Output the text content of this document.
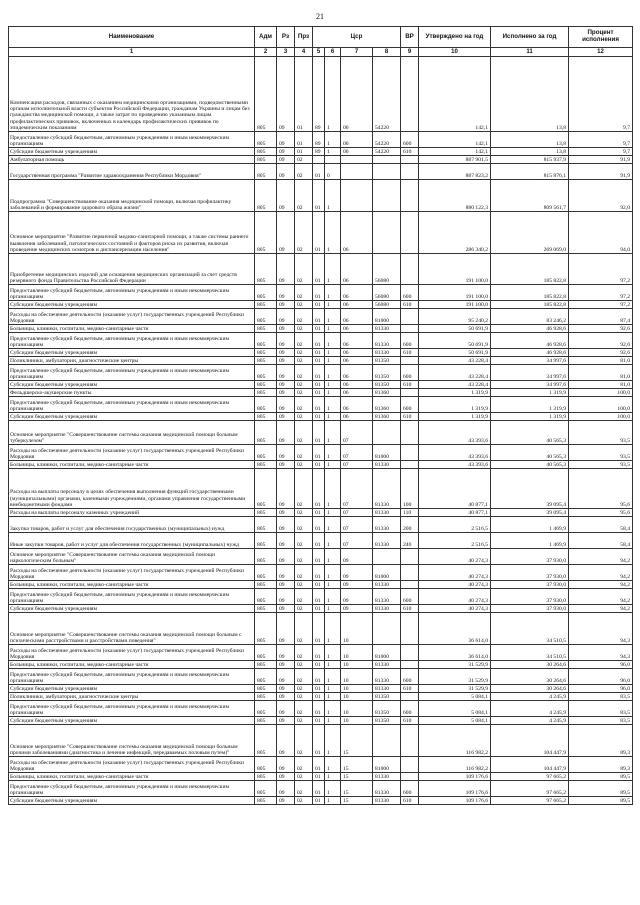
21
Наименование	Адм	Рз	Прз	Цср				ВР	Утверждено на год	Исполнено за год	Процент исполнения
1	2	3	4	5	6	7	8	9	10	11	12
Компенсация расходов, связанных с оказанием медицинскими организациями, подведомственными органам исполнительной власти субъектов Российской Федерации, гражданам Украины и лицам без гражданства медицинской помощи, а также затрат по проведению указанным лицам профилактических прививок, включенных в календарь профилактических прививок по эпидемическим показаниям	805	09	01	89	1	00	54220		142,1	13,8	9,7
Предоставление субсидий бюджетным, автономным учреждениям и иным некоммерческим организациям	805	09	01	89	1	00	54220	600	142,1	13,8	9,7
Субсидии бюджетным учреждениям	805	09	01	89	1	00	54220	610	142,1	13,8	9,7
Амбулаторная помощь	805	09	02						887 901,5	815 937,9	91,9
Государственная программа "Развитие здравоохранения Республики Мордовия"	805	09	02	01	0				887 823,2	815 876,1	91,9
Подпрограмма "Совершенствование оказания медицинской помощи, включая профилактику заболеваний и формирование здорового образа жизни"	805	09	02	01	1				880 122,3	809 561,7	92,0
Основное мероприятие "Развитие первичной медико-санитарной помощи, а также системы раннего выявления заболеваний, патологических состояний и факторов риска их развития, включая проведение медицинских осмотров и диспансеризации населения"	805	09	02	01	1	06			286 340,2	269 069,0	94,0
Приобретение медицинских изделий для оснащения медицинских организаций за счет средств резервного фонда Правительства Российской Федерации	805	09	02	01	1	06	56080		191 100,0	185 822,8	97,2
Предоставление субсидий бюджетным, автономным учреждениям и иным некоммерческим организациям	805	09	02	01	1	06	56080	600	191 100,0	185 822,8	97,2
Субсидии бюджетным учреждениям	805	09	02	01	1	06	56080	610	191 100,0	185 822,8	97,2
Расходы на обеспечение деятельности (оказание услуг) государственных учреждений Республики Мордовия	805	09	02	01	1	06	81000		95 240,2	83 246,2	87,4
Больницы, клиники, госпитали, медико-санитарные части	805	09	02	01	1	06	81330		50 691,9	46 928,6	92,6
Предоставление субсидий бюджетным, автономным учреждениям и иным некоммерческим организациям	805	09	02	01	1	06	81330	600	50 691,9	46 928,6	92,6
Субсидии бюджетным учреждениям	805	09	02	01	1	06	81330	610	50 691,9	46 928,6	92,6
Поликлиники, амбулатории, диагностические центры	805	09	02	01	1	06	81350		43 228,4	34 997,6	81,0
Предоставление субсидий бюджетным, автономным учреждениям и иным некоммерческим организациям	805	09	02	01	1	06	81350	600	43 228,4	34 997,6	81,0
Субсидии бюджетным учреждениям	805	09	02	01	1	06	81350	610	43 228,4	34 997,6	81,0
Фельдшерско-акушерские пункты	805	09	02	01	1	06	81360		1 319,9	1 319,9	100,0
Предоставление субсидий бюджетным, автономным учреждениям и иным некоммерческим организациям	805	09	02	01	1	06	81360	600	1 319,9	1 319,9	100,0
Субсидии бюджетным учреждениям	805	09	02	01	1	06	81360	610	1 319,9	1 319,9	100,0
Основное мероприятие "Совершенствование системы оказания медицинской помощи больным туберкулезом"	805	09	02	01	1	07			43 393,6	40 565,3	93,5
Расходы на обеспечение деятельности (оказание услуг) государственных учреждений Республики Мордовия	805	09	02	01	1	07	81000		43 393,6	40 565,3	93,5
Больницы, клиники, госпитали, медико-санитарные части	805	09	02	01	1	07	81330		43 393,6	40 565,3	93,5
Расходы на выплаты персоналу в целях обеспечения выполнения функций государственными (муниципальными) органами, казенными учреждениями, органами управления государственными внебюджетными фондами	805	09	02	01	1	07	81330	100	40 877,1	39 095,4	95,6
Расходы на выплаты персоналу казенных учреждений	805	09	02	01	1	07	81330	110	40 877,1	39 095,4	95,6
Закупка товаров, работ и услуг для обеспечения государственных (муниципальных) нужд	805	09	02	01	1	07	81330	200	2 516,5	1 469,9	58,4
Иные закупки товаров, работ и услуг для обеспечения государственных (муниципальных) нужд	805	09	02	01	1	07	81330	240	2 516,5	1 469,9	58,4
Основное мероприятие "Совершенствование системы оказания медицинской помощи наркологическим больным"	805	09	02	01	1	09			40 274,3	37 930,0	94,2
Расходы на обеспечение деятельности (оказание услуг) государственных учреждений Республики Мордовия	805	09	02	01	1	09	81000		40 274,3	37 930,0	94,2
Больницы, клиники, госпитали, медико-санитарные части	805	09	02	01	1	09	81330		40 274,3	37 930,0	94,2
Предоставление субсидий бюджетным, автономным учреждениям и иным некоммерческим организациям	805	09	02	01	1	09	81330	600	40 274,3	37 930,0	94,2
Субсидии бюджетным учреждениям	805	09	02	01	1	09	81330	610	40 274,3	37 930,0	94,2
Основное мероприятие "Совершенствование системы оказания медицинской помощи больным с психическими расстройствами и расстройствами поведения"	805	09	02	01	1	10			36 614,0	34 510,5	94,3
Расходы на обеспечение деятельности (оказание услуг) государственных учреждений Республики Мордовия	805	09	02	01	1	10	81000		36 614,0	34 510,5	94,3
Больницы, клиники, госпитали, медико-санитарные части	805	09	02	01	1	10	81330		31 529,9	30 264,6	96,0
Предоставление субсидий бюджетным, автономным учреждениям и иным некоммерческим организациям	805	09	02	01	1	10	81330	600	31 529,9	30 264,6	96,0
Субсидии бюджетным учреждениям	805	09	02	01	1	10	81330	610	31 529,9	30 264,6	96,0
Поликлиники, амбулатории, диагностические центры	805	09	02	01	1	10	81350		5 084,1	4 245,9	83,5
Предоставление субсидий бюджетным, автономным учреждениям и иным некоммерческим организациям	805	09	02	01	1	10	81350	600	5 084,1	4 245,9	83,5
Субсидии бюджетным учреждениям	805	09	02	01	1	10	81350	610	5 084,1	4 245,9	83,5
Основное мероприятие "Совершенствование системы оказания медицинской помощи больным прочими заболеваниями (диагностика и лечение инфекций, передаваемых половым путем)"	805	09	02	01	1	15			116 982,2	104 447,9	89,3
Расходы на обеспечение деятельности (оказание услуг) государственных учреждений Республики Мордовия	805	09	02	01	1	15	81000		116 982,2	104 447,9	89,3
Больницы, клиники, госпитали, медико-санитарные части	805	09	02	01	1	15	81330		109 176,6	97 665,2	89,5
Предоставление субсидий бюджетным, автономным учреждениям и иным некоммерческим организациям	805	09	02	01	1	15	81330	600	109 176,6	97 665,2	89,5
Субсидии бюджетным учреждениям	805	09	02	01	1	15	81330	610	109 176,6	97 665,2	89,5
